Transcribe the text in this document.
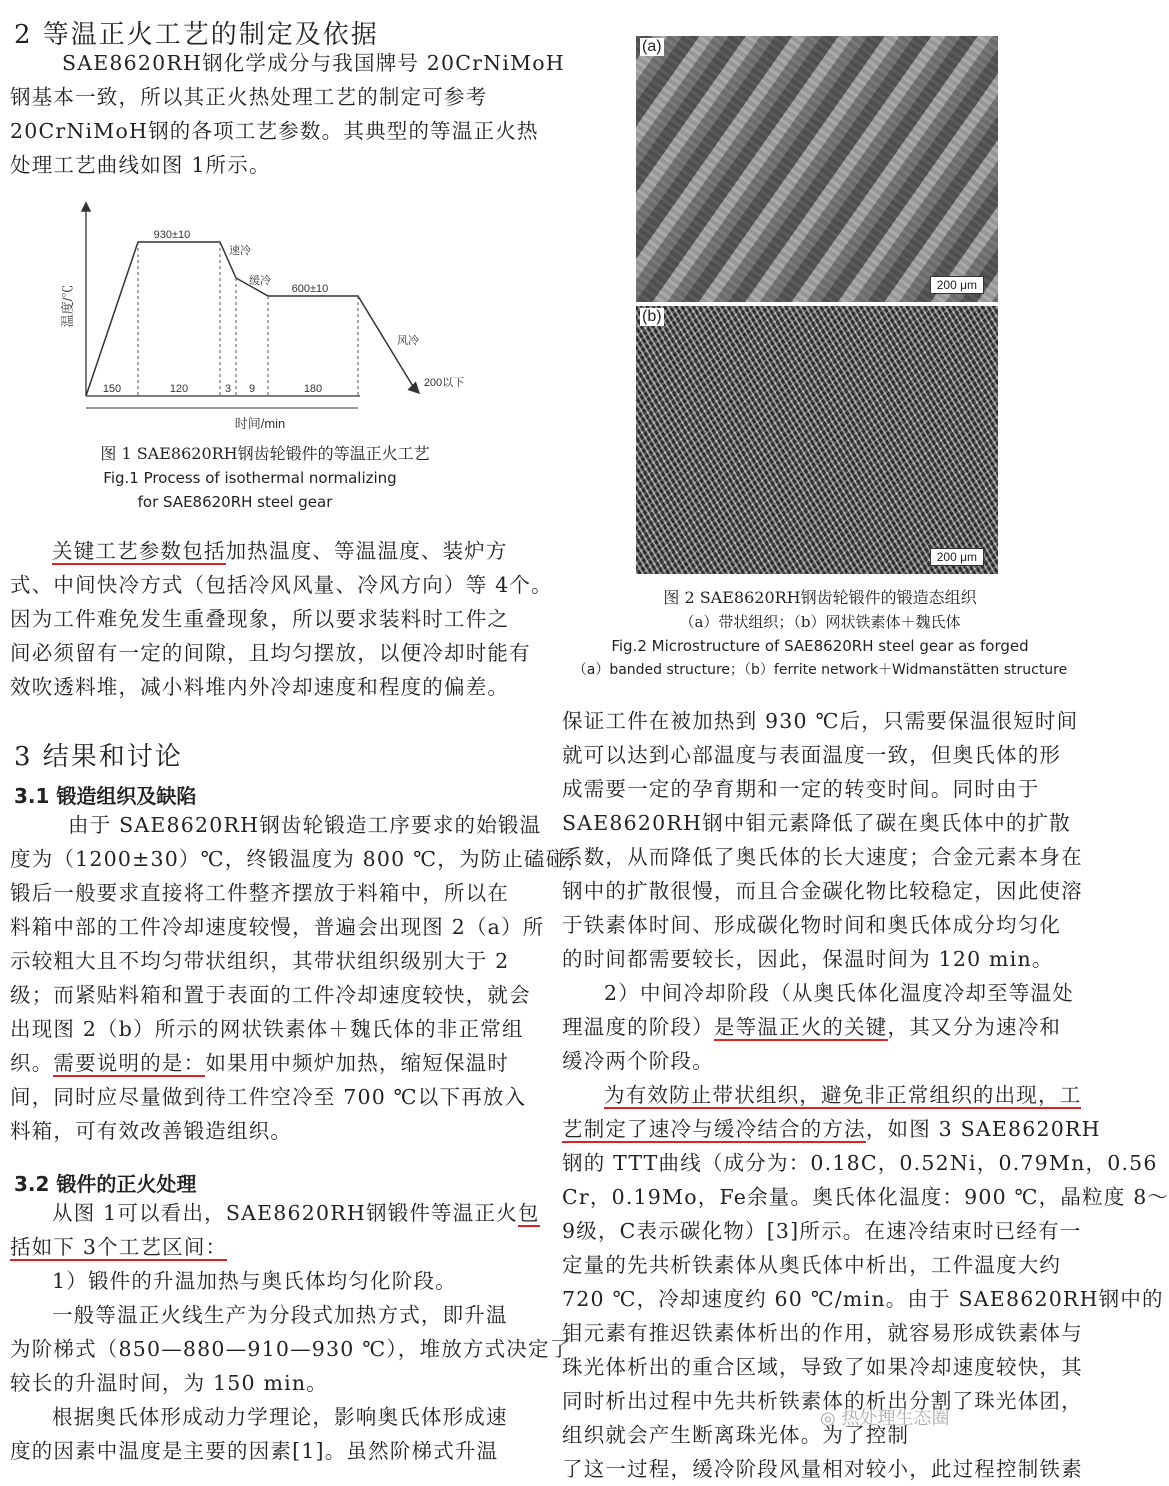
2 等温正火工艺的制定及依据
SAE8620RH钢化学成分与我国牌号 20CrNiMoH
钢基本一致，所以其正火热处理工艺的制定可参考
20CrNiMoH钢的各项工艺参数。其典型的等温正火热
处理工艺曲线如图 1所示。
150	120	3 9	180
930±10
600±10
速冷
缓冷
风冷
200以下
时间/min
温度/℃
图 1 SAE8620RH钢齿轮锻件的等温正火工艺
Fig.1 Process of isothermal normalizing
for SAE8620RH steel gear
关键工艺参数包括加热温度、等温温度、装炉方
式、中间快冷方式（包括冷风风量、冷风方向）等 4个。
因为工件难免发生重叠现象，所以要求装料时工件之
间必须留有一定的间隙，且均匀摆放，以便冷却时能有
效吹透料堆，减小料堆内外冷却速度和程度的偏差。
3 结果和讨论
3.1 锻造组织及缺陷
由于 SAE8620RH钢齿轮锻造工序要求的始锻温
度为（1200±30）℃，终锻温度为 800 ℃，为防止磕碰，
锻后一般要求直接将工件整齐摆放于料箱中，所以在
料箱中部的工件冷却速度较慢，普遍会出现图 2（a）所
示较粗大且不均匀带状组织，其带状组织级别大于 2
级；而紧贴料箱和置于表面的工件冷却速度较快，就会
出现图 2（b）所示的网状铁素体＋魏氏体的非正常组
织。需要说明的是：如果用中频炉加热，缩短保温时
间，同时应尽量做到待工件空冷至 700 ℃以下再放入
料箱，可有效改善锻造组织。
3.2 锻件的正火处理
从图 1可以看出，SAE8620RH钢锻件等温正火包
括如下 3个工艺区间：
1）锻件的升温加热与奥氏体均匀化阶段。
一般等温正火线生产为分段式加热方式，即升温
为阶梯式（850—880—910—930 ℃），堆放方式决定了
较长的升温时间，为 150 min。
根据奥氏体形成动力学理论，影响奥氏体形成速
度的因素中温度是主要的因素[1]。虽然阶梯式升温
(a)
200 μm
(b)
200 μm
图 2 SAE8620RH钢齿轮锻件的锻造态组织
（a）带状组织；（b）网状铁素体＋魏氏体
Fig.2 Microstructure of SAE8620RH steel gear as forged
（a）banded structure；（b）ferrite network＋Widmanstätten structure
保证工件在被加热到 930 ℃后，只需要保温很短时间
就可以达到心部温度与表面温度一致，但奥氏体的形
成需要一定的孕育期和一定的转变时间。同时由于
SAE8620RH钢中钼元素降低了碳在奥氏体中的扩散
系数，从而降低了奥氏体的长大速度；合金元素本身在
钢中的扩散很慢，而且合金碳化物比较稳定，因此使溶
于铁素体时间、形成碳化物时间和奥氏体成分均匀化
的时间都需要较长，因此，保温时间为 120 min。
2）中间冷却阶段（从奥氏体化温度冷却至等温处
理温度的阶段）是等温正火的关键，其又分为速冷和
缓冷两个阶段。
为有效防止带状组织，避免非正常组织的出现，工
艺制定了速冷与缓冷结合的方法，如图 3 SAE8620RH
钢的 TTT曲线（成分为：0.18C，0.52Ni，0.79Mn，0.56
Cr，0.19Mo，Fe余量。奥氏体化温度：900 ℃，晶粒度 8～
9级，C表示碳化物）[3]所示。在速冷结束时已经有一
定量的先共析铁素体从奥氏体中析出，工件温度大约
720 ℃，冷却速度约 60 ℃/min。由于 SAE8620RH钢中的
钼元素有推迟铁素体析出的作用，就容易形成铁素体与
珠光体析出的重合区域，导致了如果冷却速度较快，其
同时析出过程中先共析铁素体的析出分割了珠光体团，
组织就会产生断离珠光体。为了控制
了这一过程，缓冷阶段风量相对较小，此过程控制铁素
◎ 热处理生态圈
